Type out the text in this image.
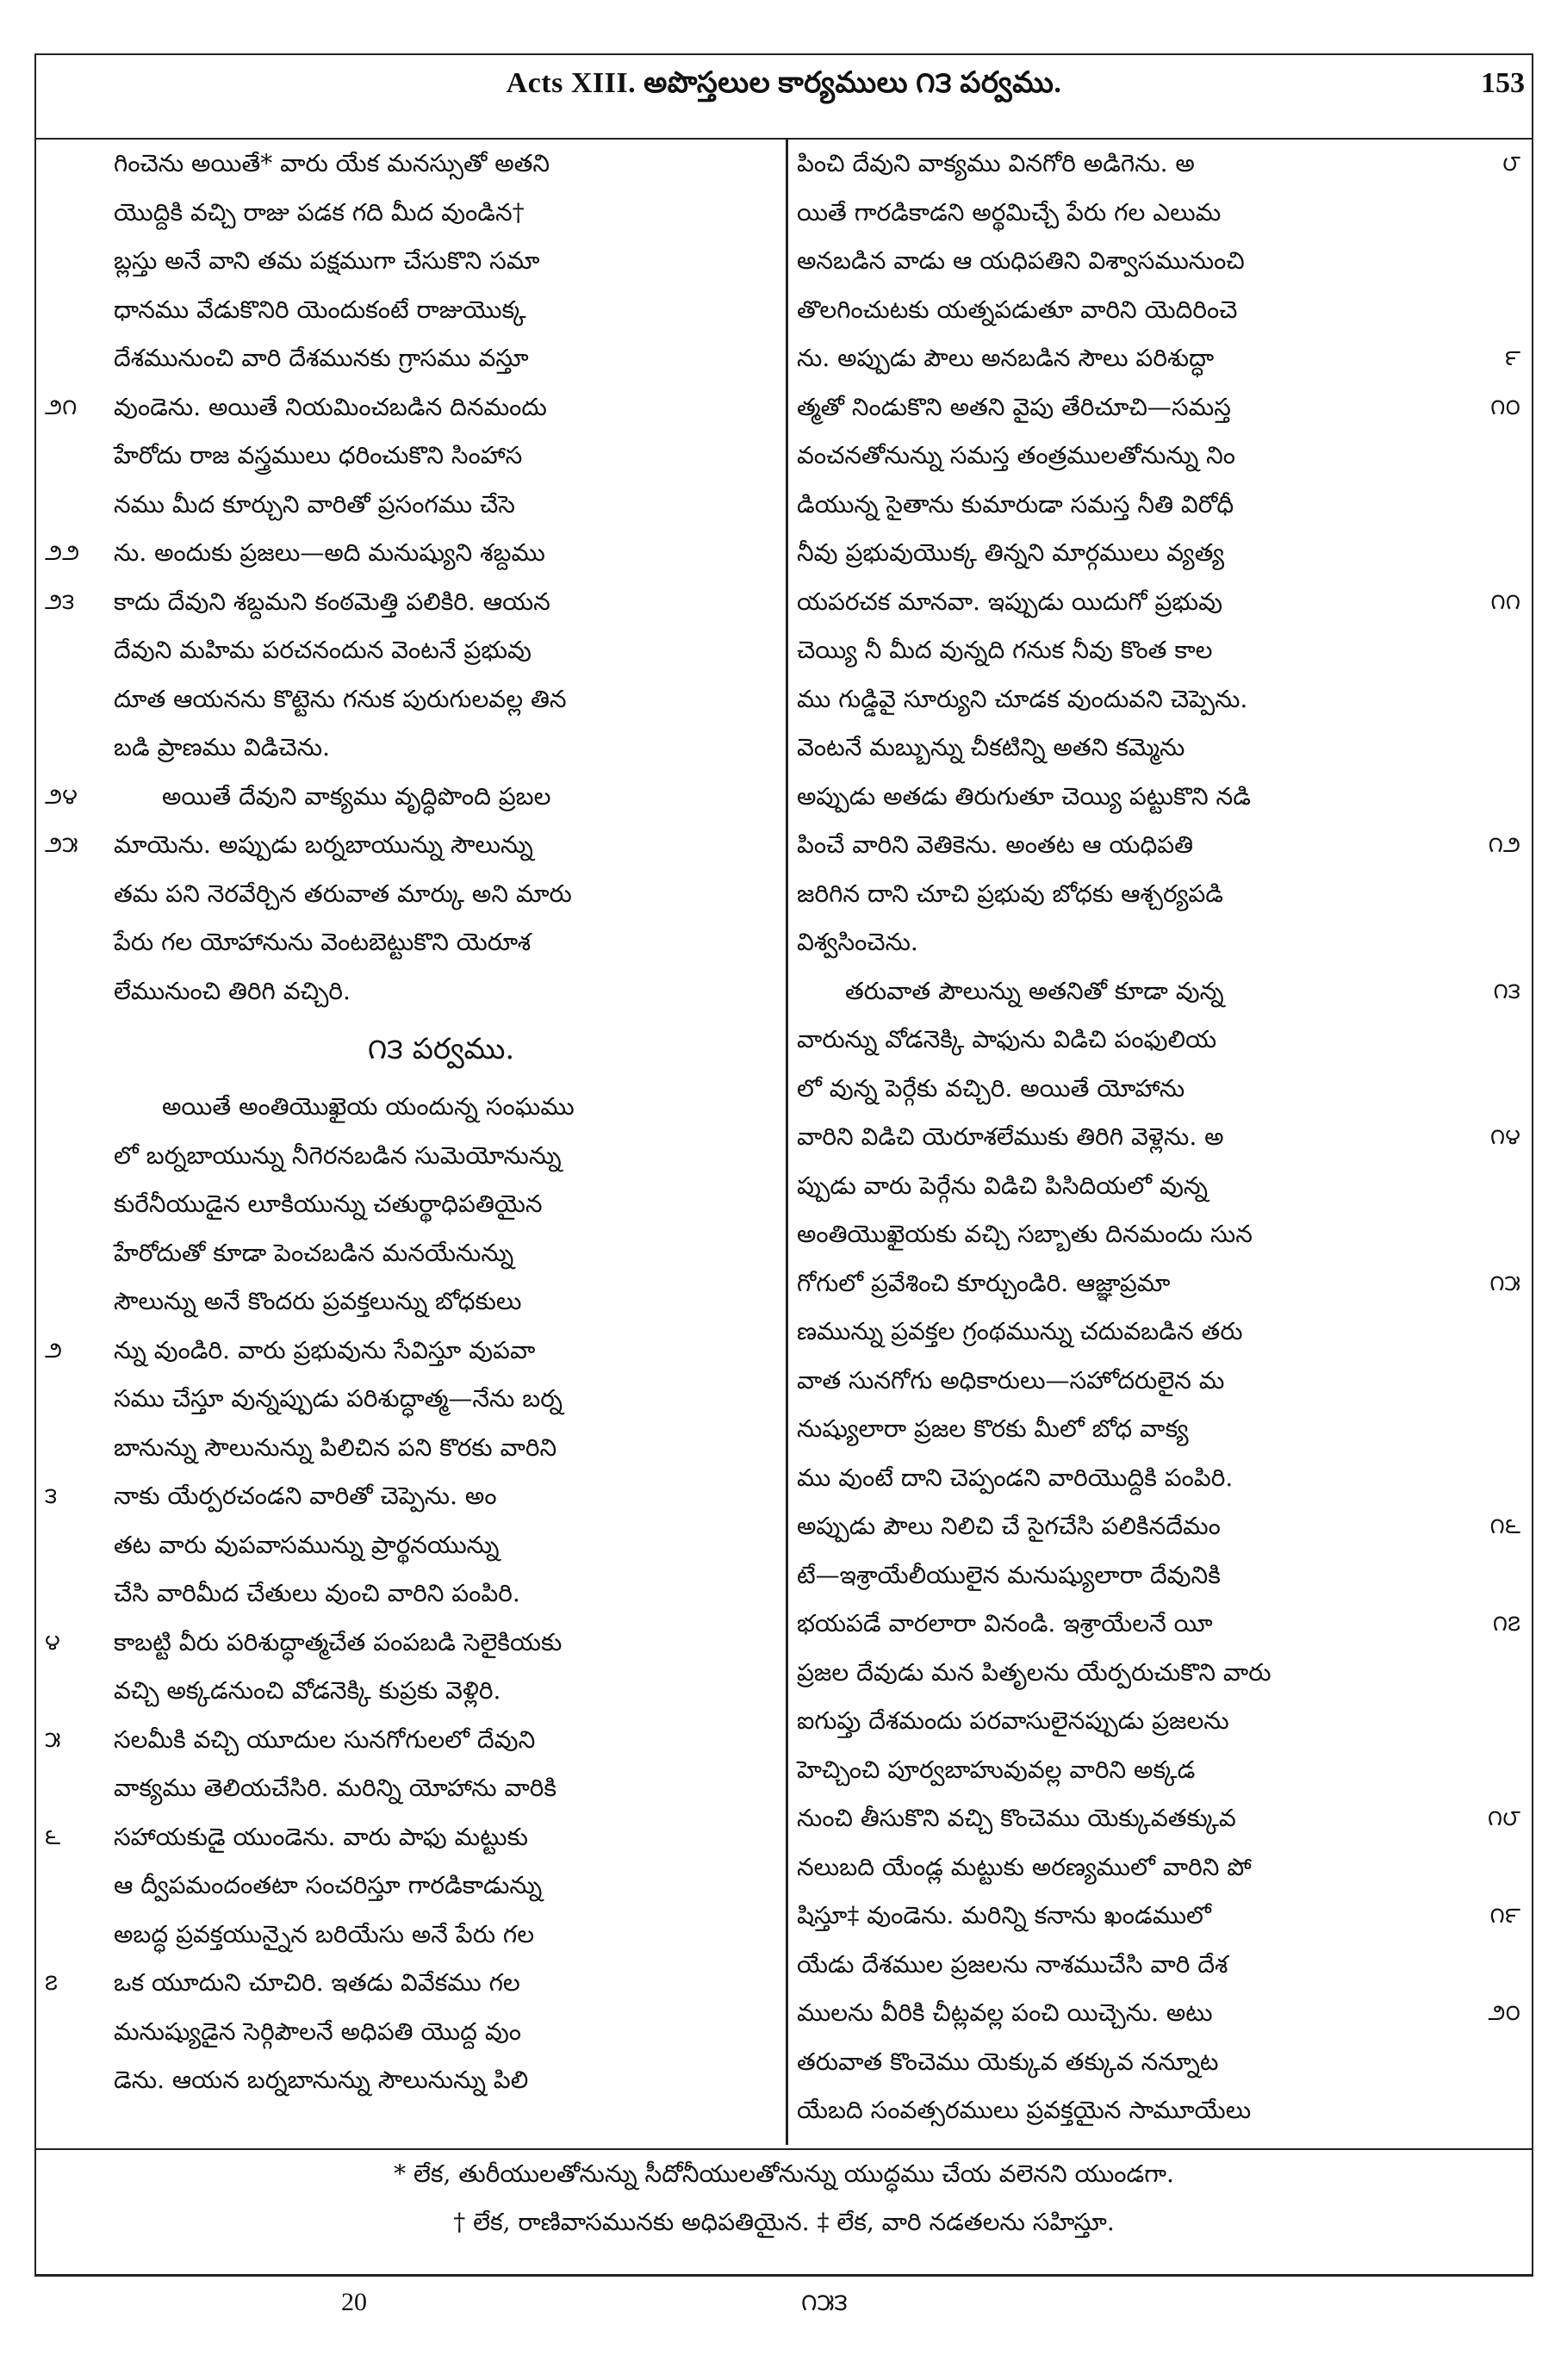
Acts XIII. అపొస్తలుల కార్యములు ౧౩ పర్వము.	153
గించెను అయితే* వారు యేక మనస్సుతో అతని
యొద్దికి వచ్చి రాజు పడక గది మీద వుండిన†
బ్లస్తు అనే వాని తమ పక్షముగా చేసుకొని సమా
ధానము వేడుకొనిరి యెందుకంటే రాజుయొక్క
దేశమునుంచి వారి దేశమునకు గ్రాసము వస్తూ
వుండెను. అయితే నియమించబడిన దినమందు
౨౧
హేరోదు రాజ వస్త్రములు ధరించుకొని సింహాస
నము మీద కూర్చుని వారితో ప్రసంగము చేసె
ను. అందుకు ప్రజలు—అది మనుష్యుని శబ్దము
౨౨
కాదు దేవుని శబ్దమని కంఠమెత్తి పలికిరి. ఆయన
౨౩
దేవుని మహిమ పరచనందున వెంటనే ప్రభువు
దూత ఆయనను కొట్టెను గనుక పురుగులవల్ల తిన
బడి ప్రాణము విడిచెను.
అయితే దేవుని వాక్యము వృద్ధిపొంది ప్రబల
౨౪
మాయెను. అప్పుడు బర్నబాయున్ను సౌలున్ను
౨౫
తమ పని నెరవేర్చిన తరువాత మార్కు అని మారు
పేరు గల యోహానును వెంటబెట్టుకొని యెరూశ
లేమునుంచి తిరిగి వచ్చిరి.
౧౩ పర్వము.
అయితే అంతియొఖైయ యందున్న సంఘము
లో బర్నబాయున్ను నీగెరనబడిన సుమెయోనున్ను
కురేనీయుడైన లూకియున్ను చతుర్థాధిపతియైన
హేరోదుతో కూడా పెంచబడిన మనయేనున్ను
సౌలున్ను అనే కొందరు ప్రవక్తలున్ను బోధకులు
న్ను వుండిరి. వారు ప్రభువును సేవిస్తూ వుపవా
౨
సము చేస్తూ వున్నప్పుడు పరిశుద్ధాత్మ—నేను బర్న
బానున్ను సౌలునున్ను పిలిచిన పని కొరకు వారిని
నాకు యేర్పరచండని వారితో చెప్పెను. అం
౩
తట వారు వుపవాసమున్ను ప్రార్థనయున్ను
చేసి వారిమీద చేతులు వుంచి వారిని పంపిరి.
కాబట్టి వీరు పరిశుద్ధాత్మచేత పంపబడి సెలైకియకు
౪
వచ్చి అక్కడనుంచి వోడనెక్కి కుప్రకు వెళ్లిరి.
సలమీకి వచ్చి యూదుల సునగోగులలో దేవుని
౫
వాక్యము తెలియచేసిరి. మరిన్ని యోహాను వారికి
సహాయకుడై యుండెను. వారు పాఫు మట్టుకు
౬
ఆ ద్వీపమందంతటా సంచరిస్తూ గారడికాడున్ను
అబద్ధ ప్రవక్తయున్నైన బరియేసు అనే పేరు గల
ఒక యూదుని చూచిరి. ఇతడు వివేకము గల
౭
మనుష్యుడైన సెర్గిపౌలనే అధిపతి యొద్ద వుం
డెను. ఆయన బర్నబానున్ను సౌలునున్ను పిలి
పించి దేవుని వాక్యము వినగోరి అడిగెను. అ	౮
యితే గారడికాడని అర్థమిచ్చే పేరు గల ఎలుమ
అనబడిన వాడు ఆ యధిపతిని విశ్వాసమునుంచి
తొలగించుటకు యత్నపడుతూ వారిని యెదిరించె
ను. అప్పుడు పౌలు అనబడిన సౌలు పరిశుద్ధా	౯
త్మతో నిండుకొని అతని వైపు తేరిచూచి—సమస్త	౧౦
వంచనతోనున్ను సమస్త తంత్రములతోనున్ను నిం
డియున్న సైతాను కుమారుడా సమస్త నీతి విరోధీ
నీవు ప్రభువుయొక్క తిన్నని మార్గములు వ్యత్య
యపరచక మానవా. ఇప్పుడు యిదుగో ప్రభువు	౧౧
చెయ్యి నీ మీద వున్నది గనుక నీవు కొంత కాల
ము గుడ్డివై సూర్యుని చూడక వుందువని చెప్పెను.
వెంటనే మబ్బున్ను చీకటిన్ని అతని కమ్మెను
అప్పుడు అతడు తిరుగుతూ చెయ్యి పట్టుకొని నడి
పించే వారిని వెతికెను. అంతట ఆ యధిపతి	౧౨
జరిగిన దాని చూచి ప్రభువు బోధకు ఆశ్చర్యపడి
విశ్వసించెను.
తరువాత పౌలున్ను అతనితో కూడా వున్న	౧౩
వారున్ను వోడనెక్కి పాఫును విడిచి పంఫులియ
లో వున్న పెర్గేకు వచ్చిరి. అయితే యోహాను
వారిని విడిచి యెరూశలేముకు తిరిగి వెళ్లెను. అ	౧౪
ప్పుడు వారు పెర్గేను విడిచి పిసిదియలో వున్న
అంతియొఖైయకు వచ్చి సబ్బాతు దినమందు సున
గోగులో ప్రవేశించి కూర్చుండిరి. ఆజ్ఞాప్రమా	౧౫
ణమున్ను ప్రవక్తల గ్రంథమున్ను చదువబడిన తరు
వాత సునగోగు అధికారులు—సహోదరులైన మ
నుష్యులారా ప్రజల కొరకు మీలో బోధ వాక్య
ము వుంటే దాని చెప్పండని వారియొద్దికి పంపిరి.
అప్పుడు పౌలు నిలిచి చే సైగచేసి పలికినదేమం	౧౬
టే—ఇశ్రాయేలీయులైన మనుష్యులారా దేవునికి
భయపడే వారలారా వినండి. ఇశ్రాయేలనే యీ	౧౭
ప్రజల దేవుడు మన పితృలను యేర్పరుచుకొని వారు
ఐగుప్తు దేశమందు పరవాసులైనప్పుడు ప్రజలను
హెచ్చించి పూర్వబాహువువల్ల వారిని అక్కడ
నుంచి తీసుకొని వచ్చి కొంచెము యెక్కువతక్కువ	౧౮
నలుబది యేండ్ల మట్టుకు అరణ్యములో వారిని పో
షిస్తూ‡ వుండెను. మరిన్ని కనాను ఖండములో	౧౯
యేడు దేశముల ప్రజలను నాశముచేసి వారి దేశ
ములను వీరికి చీట్లవల్ల పంచి యిచ్చెను. అటు	౨౦
తరువాత కొంచెము యెక్కువ తక్కువ నన్నూట
యేబది సంవత్సరములు ప్రవక్తయైన సామూయేలు
* లేక, తురీయులతోనున్ను సీదోనీయులతోనున్ను యుద్ధము చేయ వలెనని యుండగా.
† లేక, రాణివాసమునకు అధిపతియైన. ‡ లేక, వారి నడతలను సహిస్తూ.
20	౧౫౩
